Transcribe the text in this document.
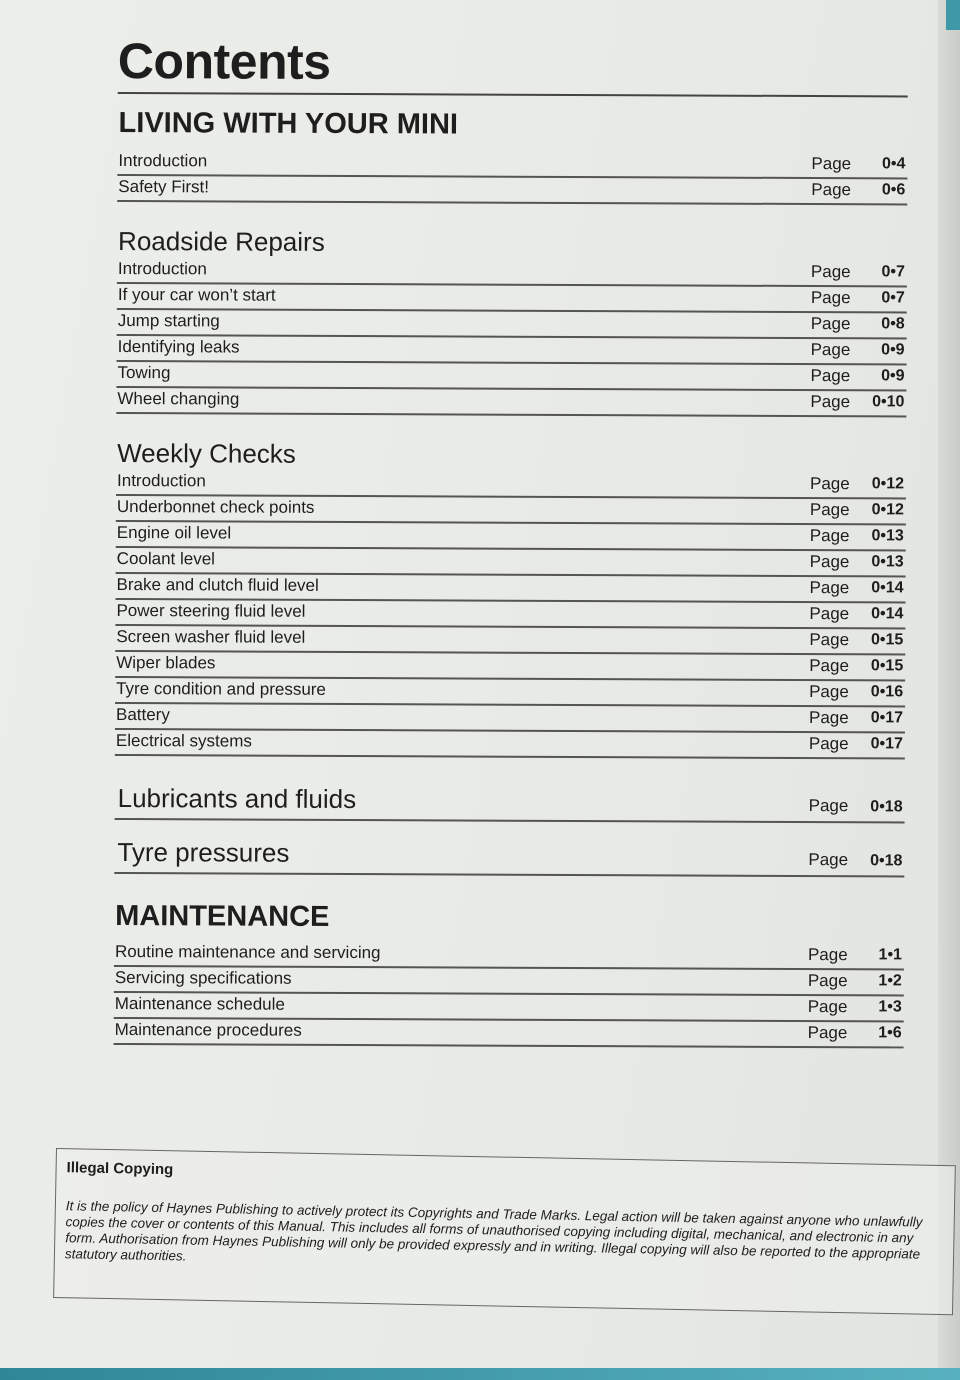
Contents
LIVING WITH YOUR MINI
Introduction	Page	0•4
Safety First!	Page	0•6
Roadside Repairs
Introduction	Page	0•7
If your car won’t start	Page	0•7
Jump starting	Page	0•8
Identifying leaks	Page	0•9
Towing	Page	0•9
Wheel changing	Page	0•10
Weekly Checks
Introduction	Page	0•12
Underbonnet check points	Page	0•12
Engine oil level	Page	0•13
Coolant level	Page	0•13
Brake and clutch fluid level	Page	0•14
Power steering fluid level	Page	0•14
Screen washer fluid level	Page	0•15
Wiper blades	Page	0•15
Tyre condition and pressure	Page	0•16
Battery	Page	0•17
Electrical systems	Page	0•17
Lubricants and fluids	Page	0•18
Tyre pressures	Page	0•18
MAINTENANCE
Routine maintenance and servicing	Page	1•1
Servicing specifications	Page	1•2
Maintenance schedule	Page	1•3
Maintenance procedures	Page	1•6
Illegal Copying

It is the policy of Haynes Publishing to actively protect its Copyrights and Trade Marks. Legal action will be taken against anyone who unlawfully copies the cover or contents of this Manual. This includes all forms of unauthorised copying including digital, mechanical, and electronic in any form. Authorisation from Haynes Publishing will only be provided expressly and in writing. Illegal copying will also be reported to the appropriate statutory authorities.
